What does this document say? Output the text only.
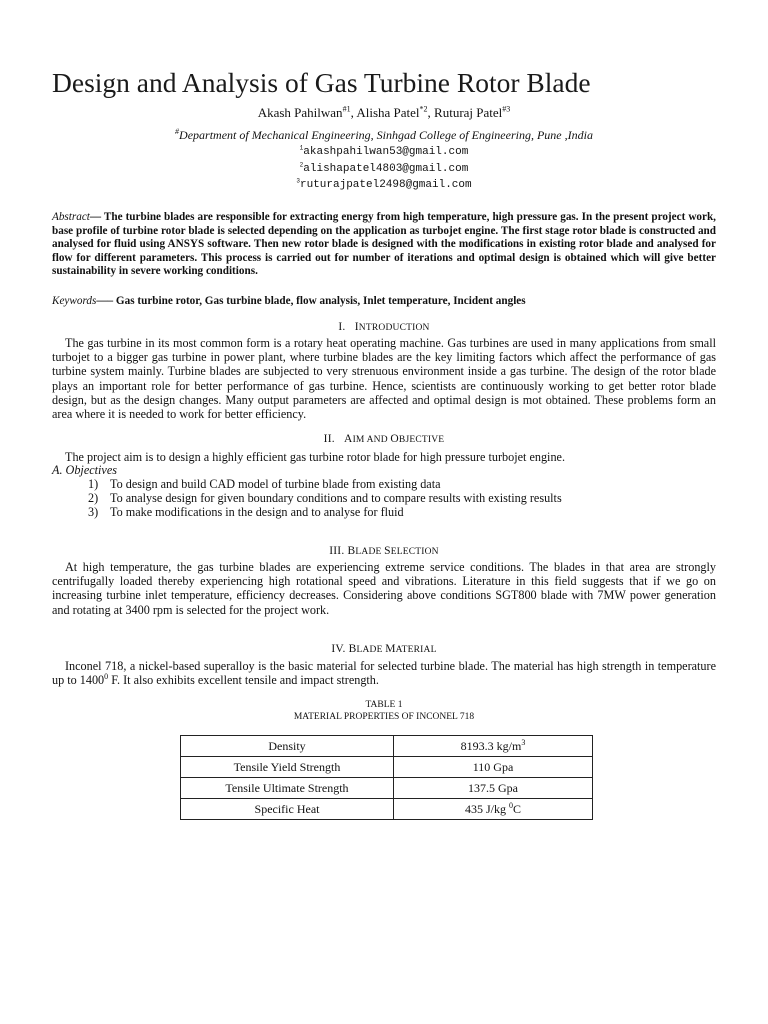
Design and Analysis of Gas Turbine Rotor Blade
Akash Pahilwan$^{\#1}$, Alisha Patel$^{*2}$, Ruturaj Patel$^{\#3}$
#Department of Mechanical Engineering, Sinhgad College of Engineering, Pune ,India
$^1$akashpahilwan53@gmail.com
$^2$alishapatel4803@gmail.com
$^3$ruturajpatel2498@gmail.com
Abstract— The turbine blades are responsible for extracting energy from high temperature, high pressure gas. In the present project work, base profile of turbine rotor blade is selected depending on the application as turbojet engine. The first stage rotor blade is constructed and analysed for fluid using ANSYS software. Then new rotor blade is designed with the modifications in existing rotor blade and analysed for flow for different parameters. This process is carried out for number of iterations and optimal design is obtained which will give better sustainability in severe working conditions.
Keywords—– Gas turbine rotor, Gas turbine blade, flow analysis, Inlet temperature, Incident angles
I. INTRODUCTION
The gas turbine in its most common form is a rotary heat operating machine. Gas turbines are used in many applications from small turbojet to a bigger gas turbine in power plant, where turbine blades are the key limiting factors which affect the performance of gas turbine system mainly. Turbine blades are subjected to very strenuous environment inside a gas turbine. The design of the rotor blade plays an important role for better performance of gas turbine. Hence, scientists are continuously working to get better rotor blade design, but as the design changes. Many output parameters are affected and optimal design is mot obtained. These problems form an area where it is needed to work for better efficiency.
II. AIM AND OBJECTIVE
The project aim is to design a highly efficient gas turbine rotor blade for high pressure turbojet engine.
A. Objectives
1) To design and build CAD model of turbine blade from existing data
2) To analyse design for given boundary conditions and to compare results with existing results
3) To make modifications in the design and to analyse for fluid
III. BLADE SELECTION
At high temperature, the gas turbine blades are experiencing extreme service conditions. The blades in that area are strongly centrifugally loaded thereby experiencing high rotational speed and vibrations. Literature in this field suggests that if we go on increasing turbine inlet temperature, efficiency decreases. Considering above conditions SGT800 blade with 7MW power generation and rotating at 3400 rpm is selected for the project work.
IV. BLADE MATERIAL
Inconel 718, a nickel-based superalloy is the basic material for selected turbine blade. The material has high strength in temperature up to 1400$^0$ F. It also exhibits excellent tensile and impact strength.
TABLE 1
MATERIAL PROPERTIES OF INCONEL 718
Density	8193.3 $kg/m^3$
Tensile Yield Strength	110 Gpa
Tensile Ultimate Strength	137.5 Gpa
Specific Heat	435 J/kg $^0$C
